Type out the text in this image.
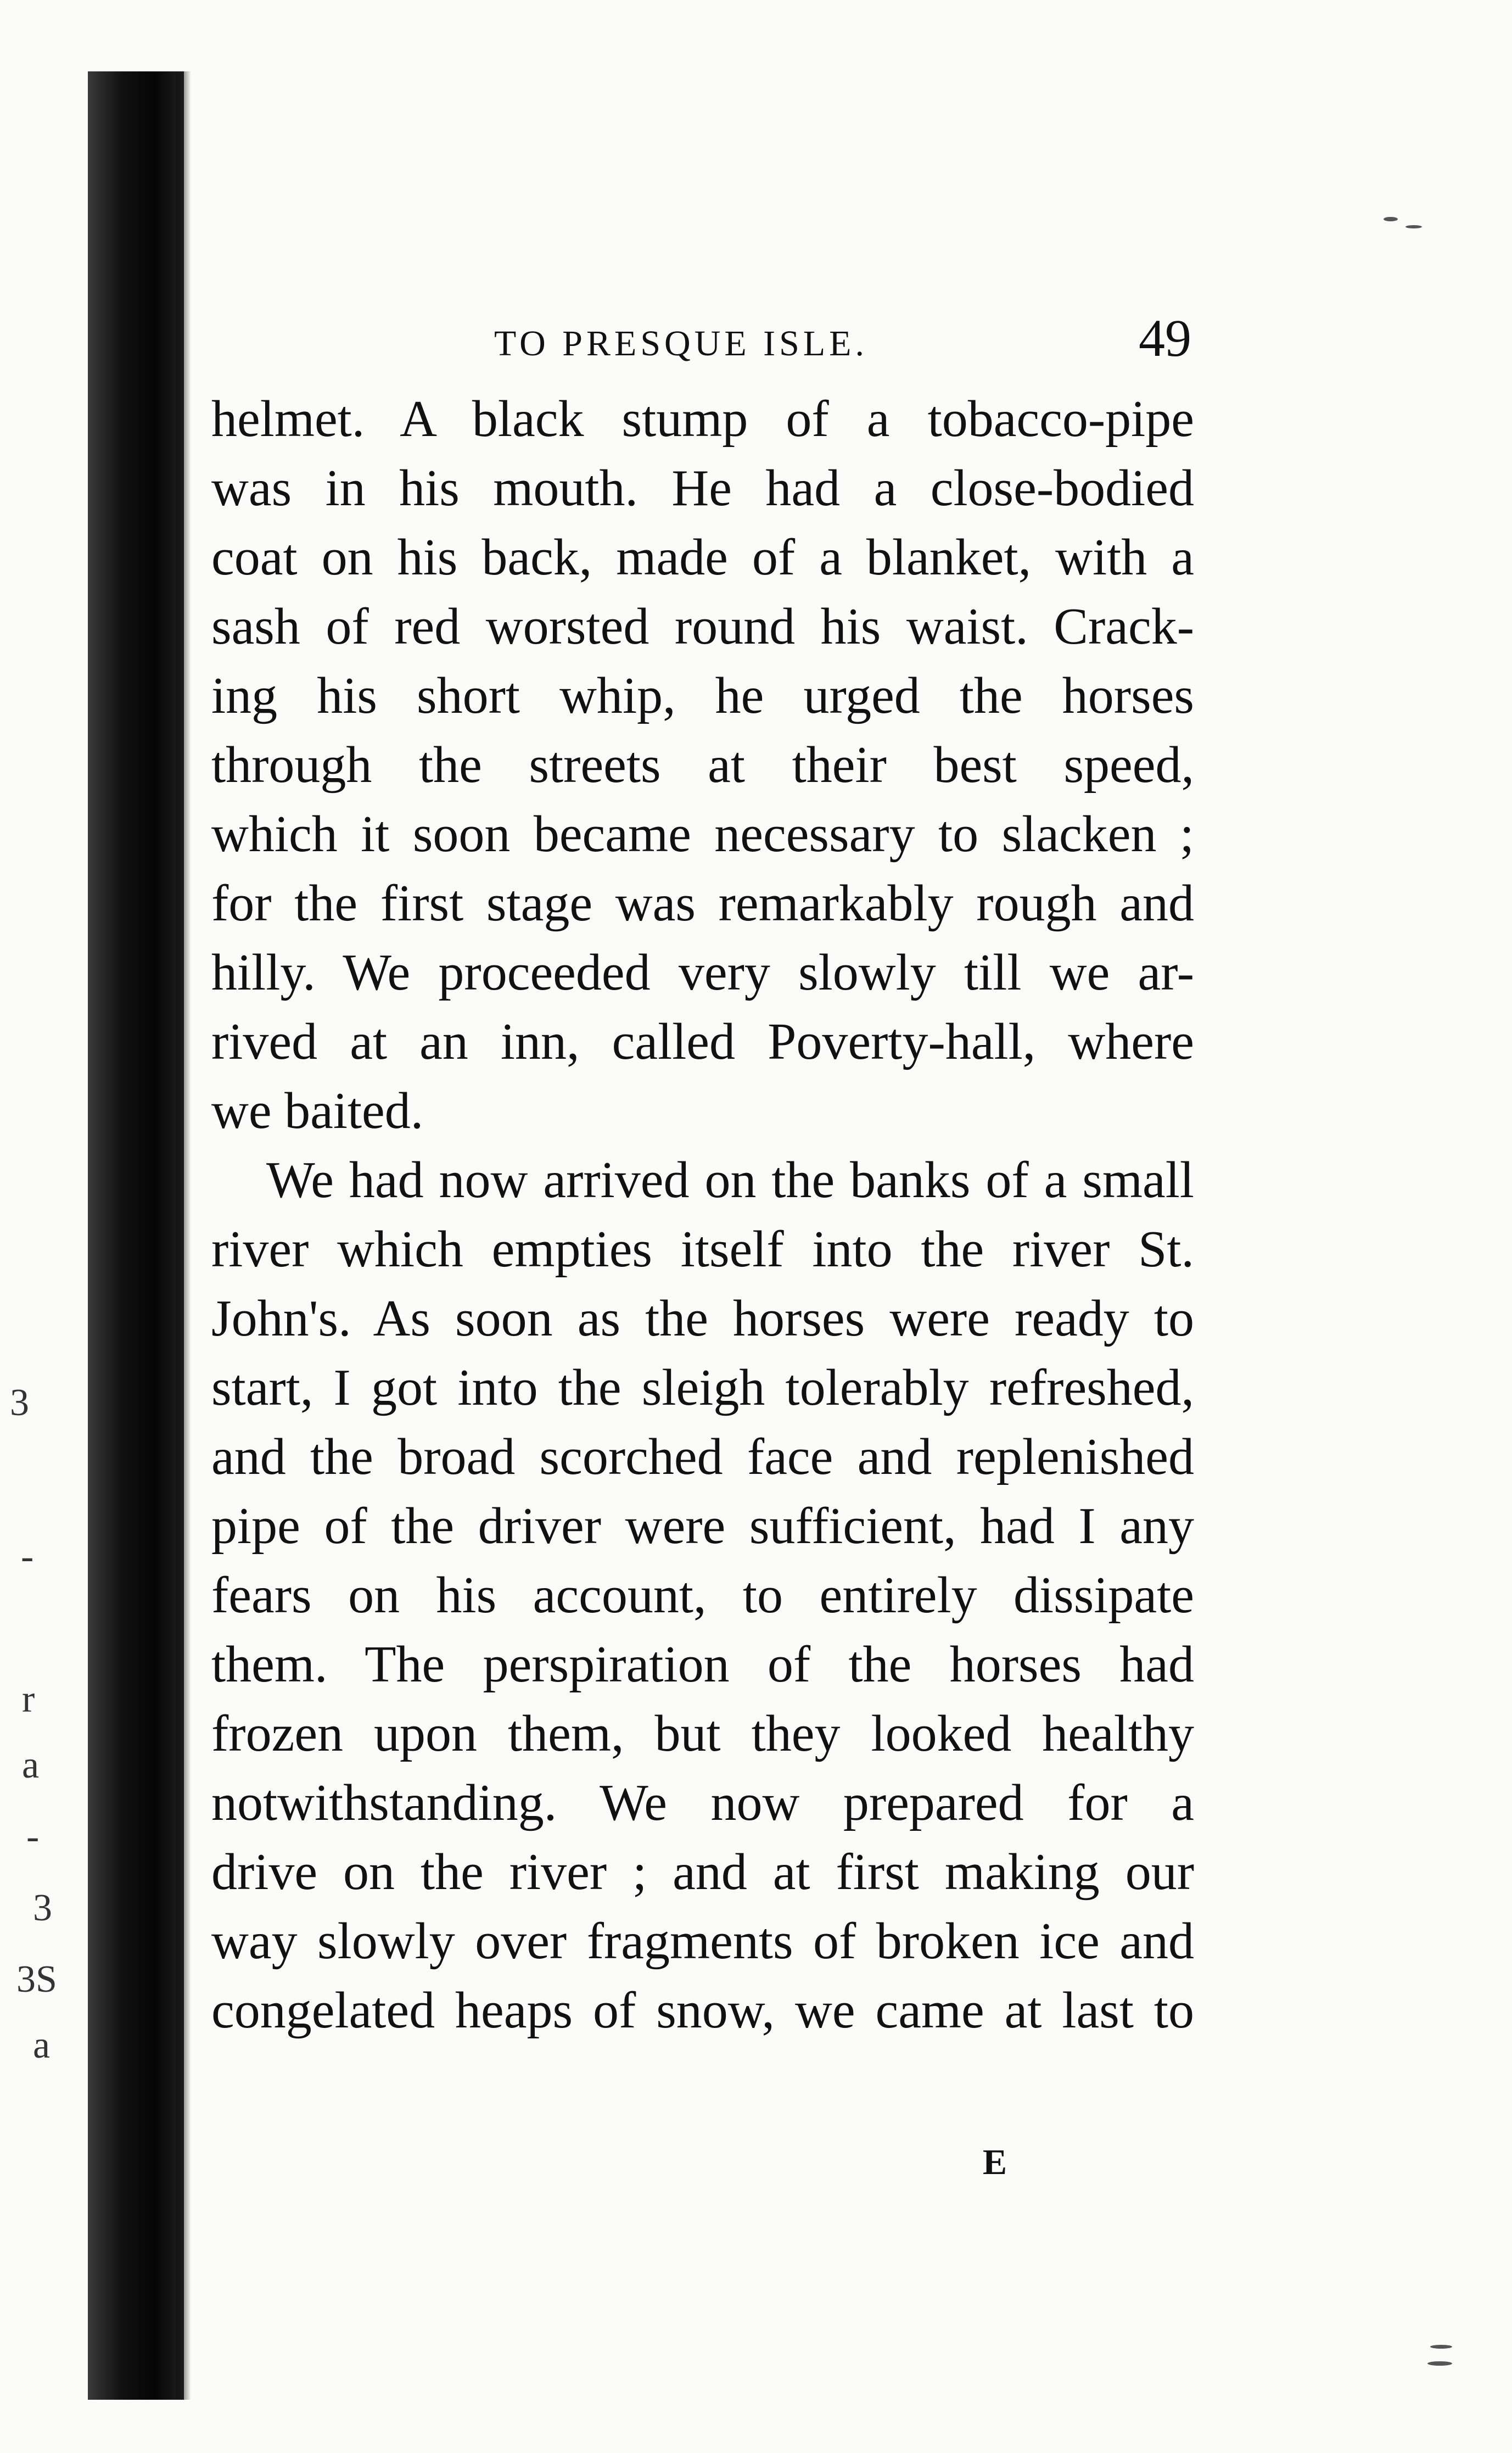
3
-
r
a
-
3
3S
a
TO PRESQUE ISLE.	49
helmet. A black stump of a tobacco-pipe
was in his mouth. He had a close-bodied
coat on his back, made of a blanket, with a
sash of red worsted round his waist. Crack-
ing his short whip, he urged the horses
through the streets at their best speed,
which it soon became necessary to slacken ;
for the first stage was remarkably rough and
hilly. We proceeded very slowly till we ar-
rived at an inn, called Poverty-hall, where
we baited.
We had now arrived on the banks of a small
river which empties itself into the river St.
John's. As soon as the horses were ready to
start, I got into the sleigh tolerably refreshed,
and the broad scorched face and replenished
pipe of the driver were sufficient, had I any
fears on his account, to entirely dissipate
them. The perspiration of the horses had
frozen upon them, but they looked healthy
notwithstanding. We now prepared for a
drive on the river ; and at first making our
way slowly over fragments of broken ice and
congelated heaps of snow, we came at last to
E
